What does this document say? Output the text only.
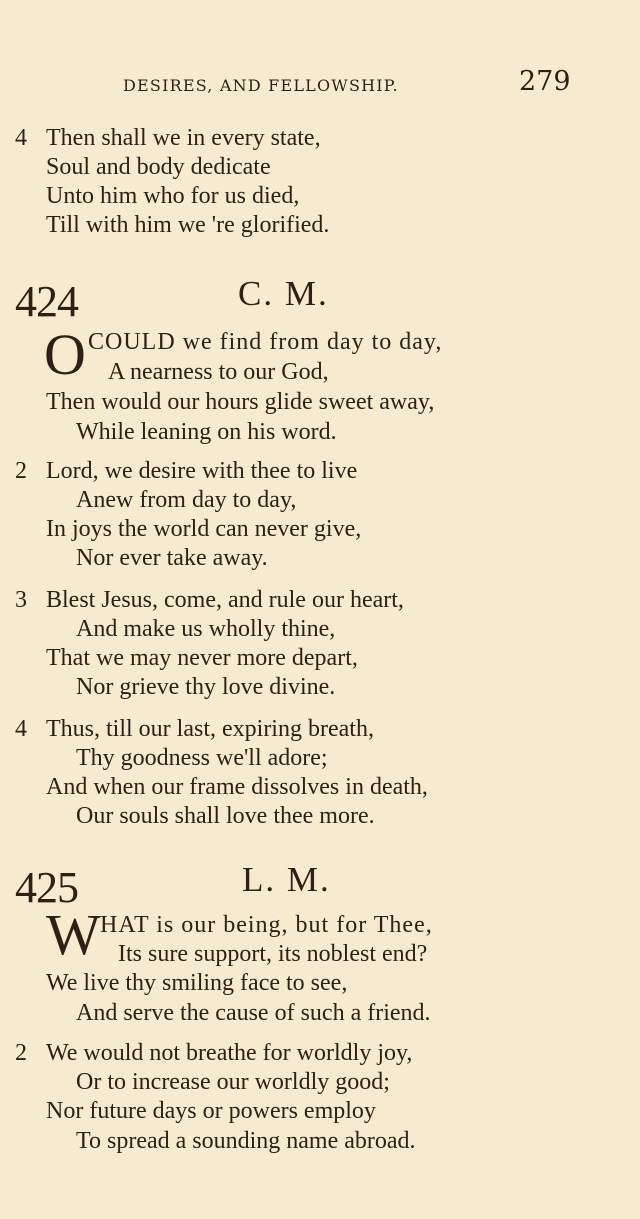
DESIRES, AND FELLOWSHIP.	279
4 Then shall we in every state,
Soul and body dedicate
Unto him who for us died,
Till with him we 're glorified.
424	C. M.
O COULD we find from day to day,
A nearness to our God,
Then would our hours glide sweet away,
While leaning on his word.
2 Lord, we desire with thee to live
Anew from day to day,
In joys the world can never give,
Nor ever take away.
3 Blest Jesus, come, and rule our heart,
And make us wholly thine,
That we may never more depart,
Nor grieve thy love divine.
4 Thus, till our last, expiring breath,
Thy goodness we'll adore;
And when our frame dissolves in death,
Our souls shall love thee more.
425	L. M.
W HAT is our being, but for Thee,
Its sure support, its noblest end?
We live thy smiling face to see,
And serve the cause of such a friend.
2 We would not breathe for worldly joy,
Or to increase our worldly good;
Nor future days or powers employ
To spread a sounding name abroad.
